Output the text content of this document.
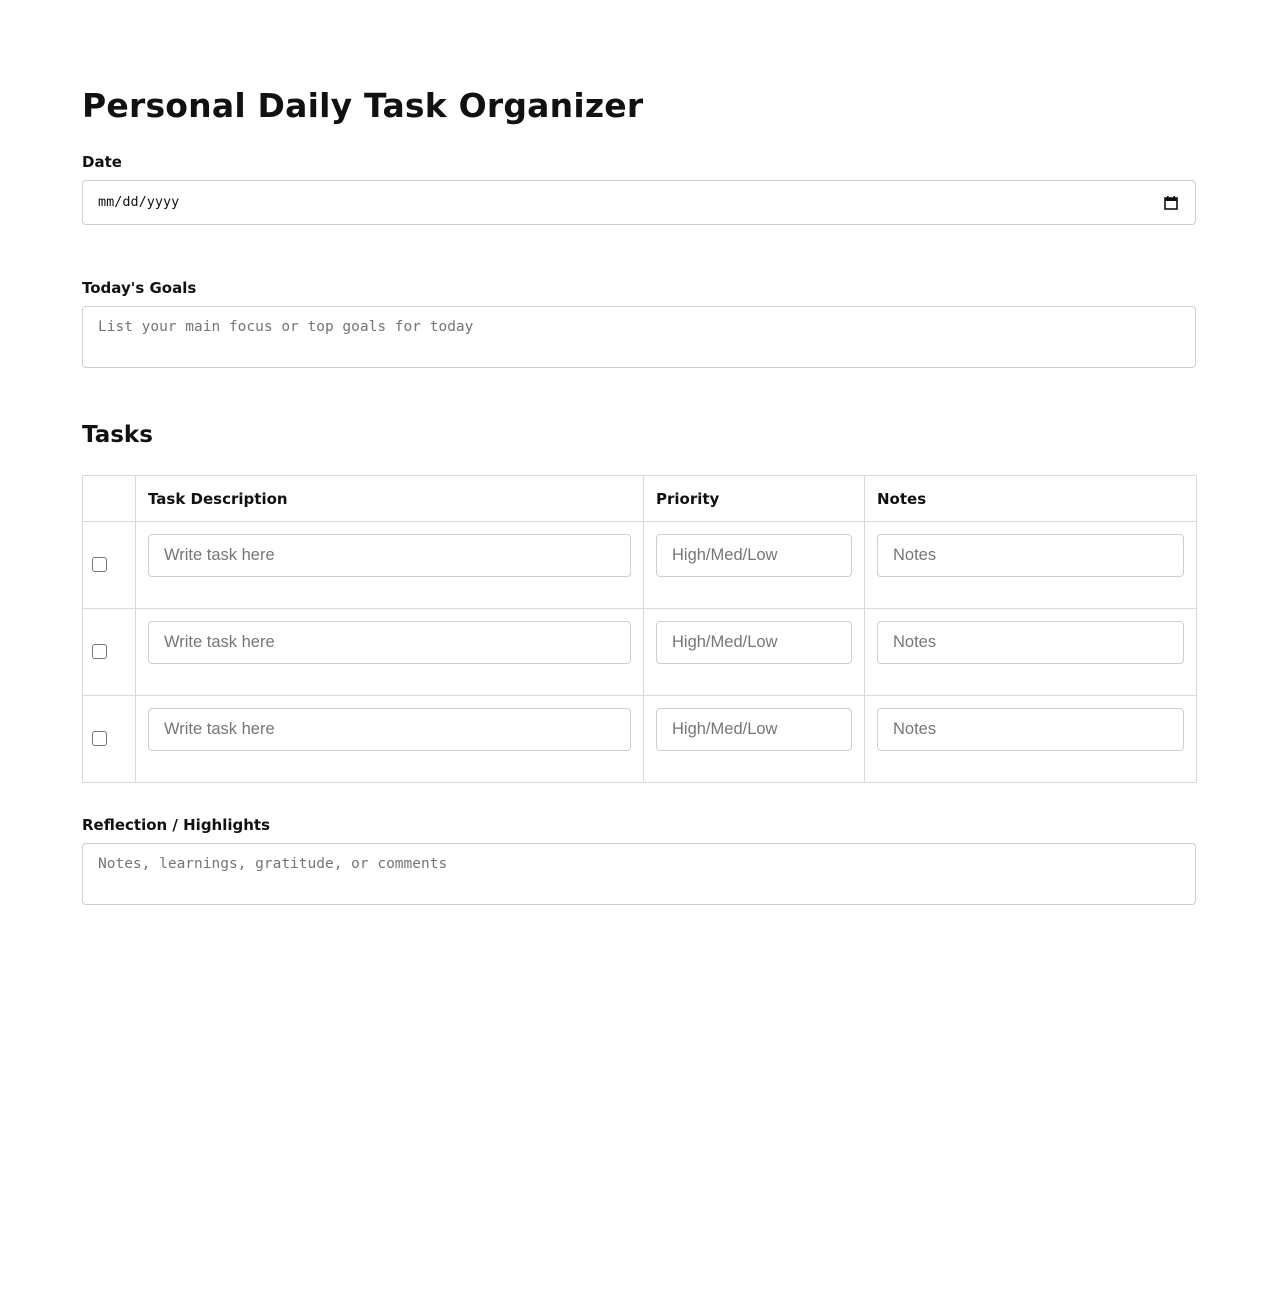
Personal Daily Task Organizer
Date
mm/dd/yyyy
Today's Goals
List your main focus or top goals for today
Tasks
	Task Description	Priority	Notes

	Write task here	High/Med/Low	Notes

	Write task here	High/Med/Low	Notes

	Write task here	High/Med/Low	Notes
Reflection / Highlights
Notes, learnings, gratitude, or comments
